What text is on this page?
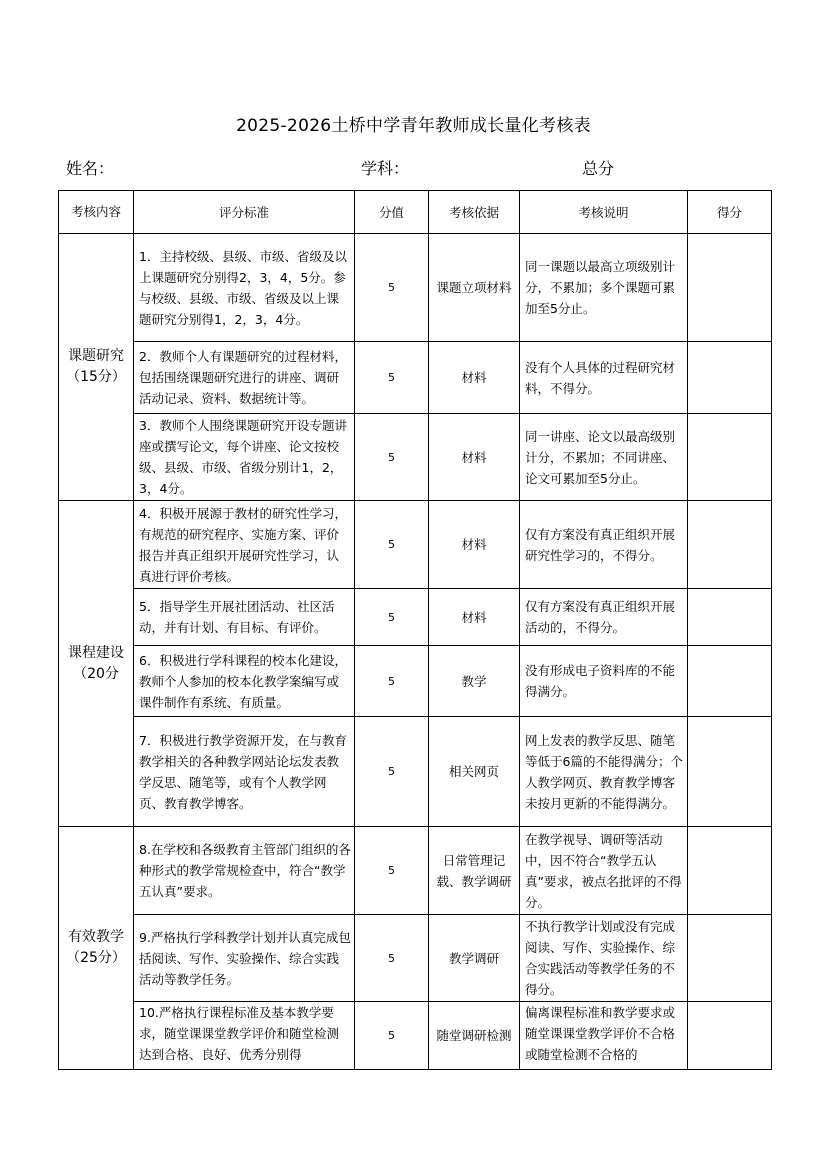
2025-2026土桥中学青年教师成长量化考核表
姓名：	学科：	总分
考核内容	评分标准	分值	考核依据	考核说明	得分
课题研究（15分）	1．主持校级、县级、市级、省级及以上课题研究分别得2，3，4，5分。参与校级、县级、市级、省级及以上课题研究分别得1，2，3，4分。	5	课题立项材料	同一课题以最高立项级别计分，不累加；多个课题可累加至5分止。	
	2．教师个人有课题研究的过程材料，包括围绕课题研究进行的讲座、调研活动记录、资料、数据统计等。	5	材料	没有个人具体的过程研究材料，不得分。	
	3．教师个人围绕课题研究开设专题讲座或撰写论文，每个讲座、论文按校级、县级、市级、省级分别计1，2，3，4分。	5	材料	同一讲座、论文以最高级别计分，不累加；不同讲座、论文可累加至5分止。	
课程建设（20分	4．积极开展源于教材的研究性学习，有规范的研究程序、实施方案、评价报告并真正组织开展研究性学习，认真进行评价考核。	5	材料	仅有方案没有真正组织开展研究性学习的，不得分。	
	5．指导学生开展社团活动、社区活动，并有计划、有目标、有评价。	5	材料	仅有方案没有真正组织开展活动的，不得分。	
	6．积极进行学科课程的校本化建设，教师个人参加的校本化教学案编写或课件制作有系统、有质量。	5	教学	没有形成电子资料库的不能得满分。	
	7．积极进行教学资源开发，在与教育教学相关的各种教学网站论坛发表教学反思、随笔等，或有个人教学网页、教育教学博客。	5	相关网页	网上发表的教学反思、随笔等低于6篇的不能得满分；个人教学网页、教育教学博客未按月更新的不能得满分。	
有效教学（25分）	8.在学校和各级教育主管部门组织的各种形式的教学常规检查中，符合“教学五认真”要求。	5	日常管理记载、教学调研	在教学视导、调研等活动中，因不符合“教学五认真”要求，被点名批评的不得分。	
	9.严格执行学科教学计划并认真完成包括阅读、写作、实验操作、综合实践活动等教学任务。	5	教学调研	不执行教学计划或没有完成阅读、写作、实验操作、综合实践活动等教学任务的不得分。	
	10.严格执行课程标准及基本教学要求，随堂课课堂教学评价和随堂检测达到合格、良好、优秀分别得	5	随堂调研检测	偏离课程标准和教学要求或随堂课课堂教学评价不合格或随堂检测不合格的	
